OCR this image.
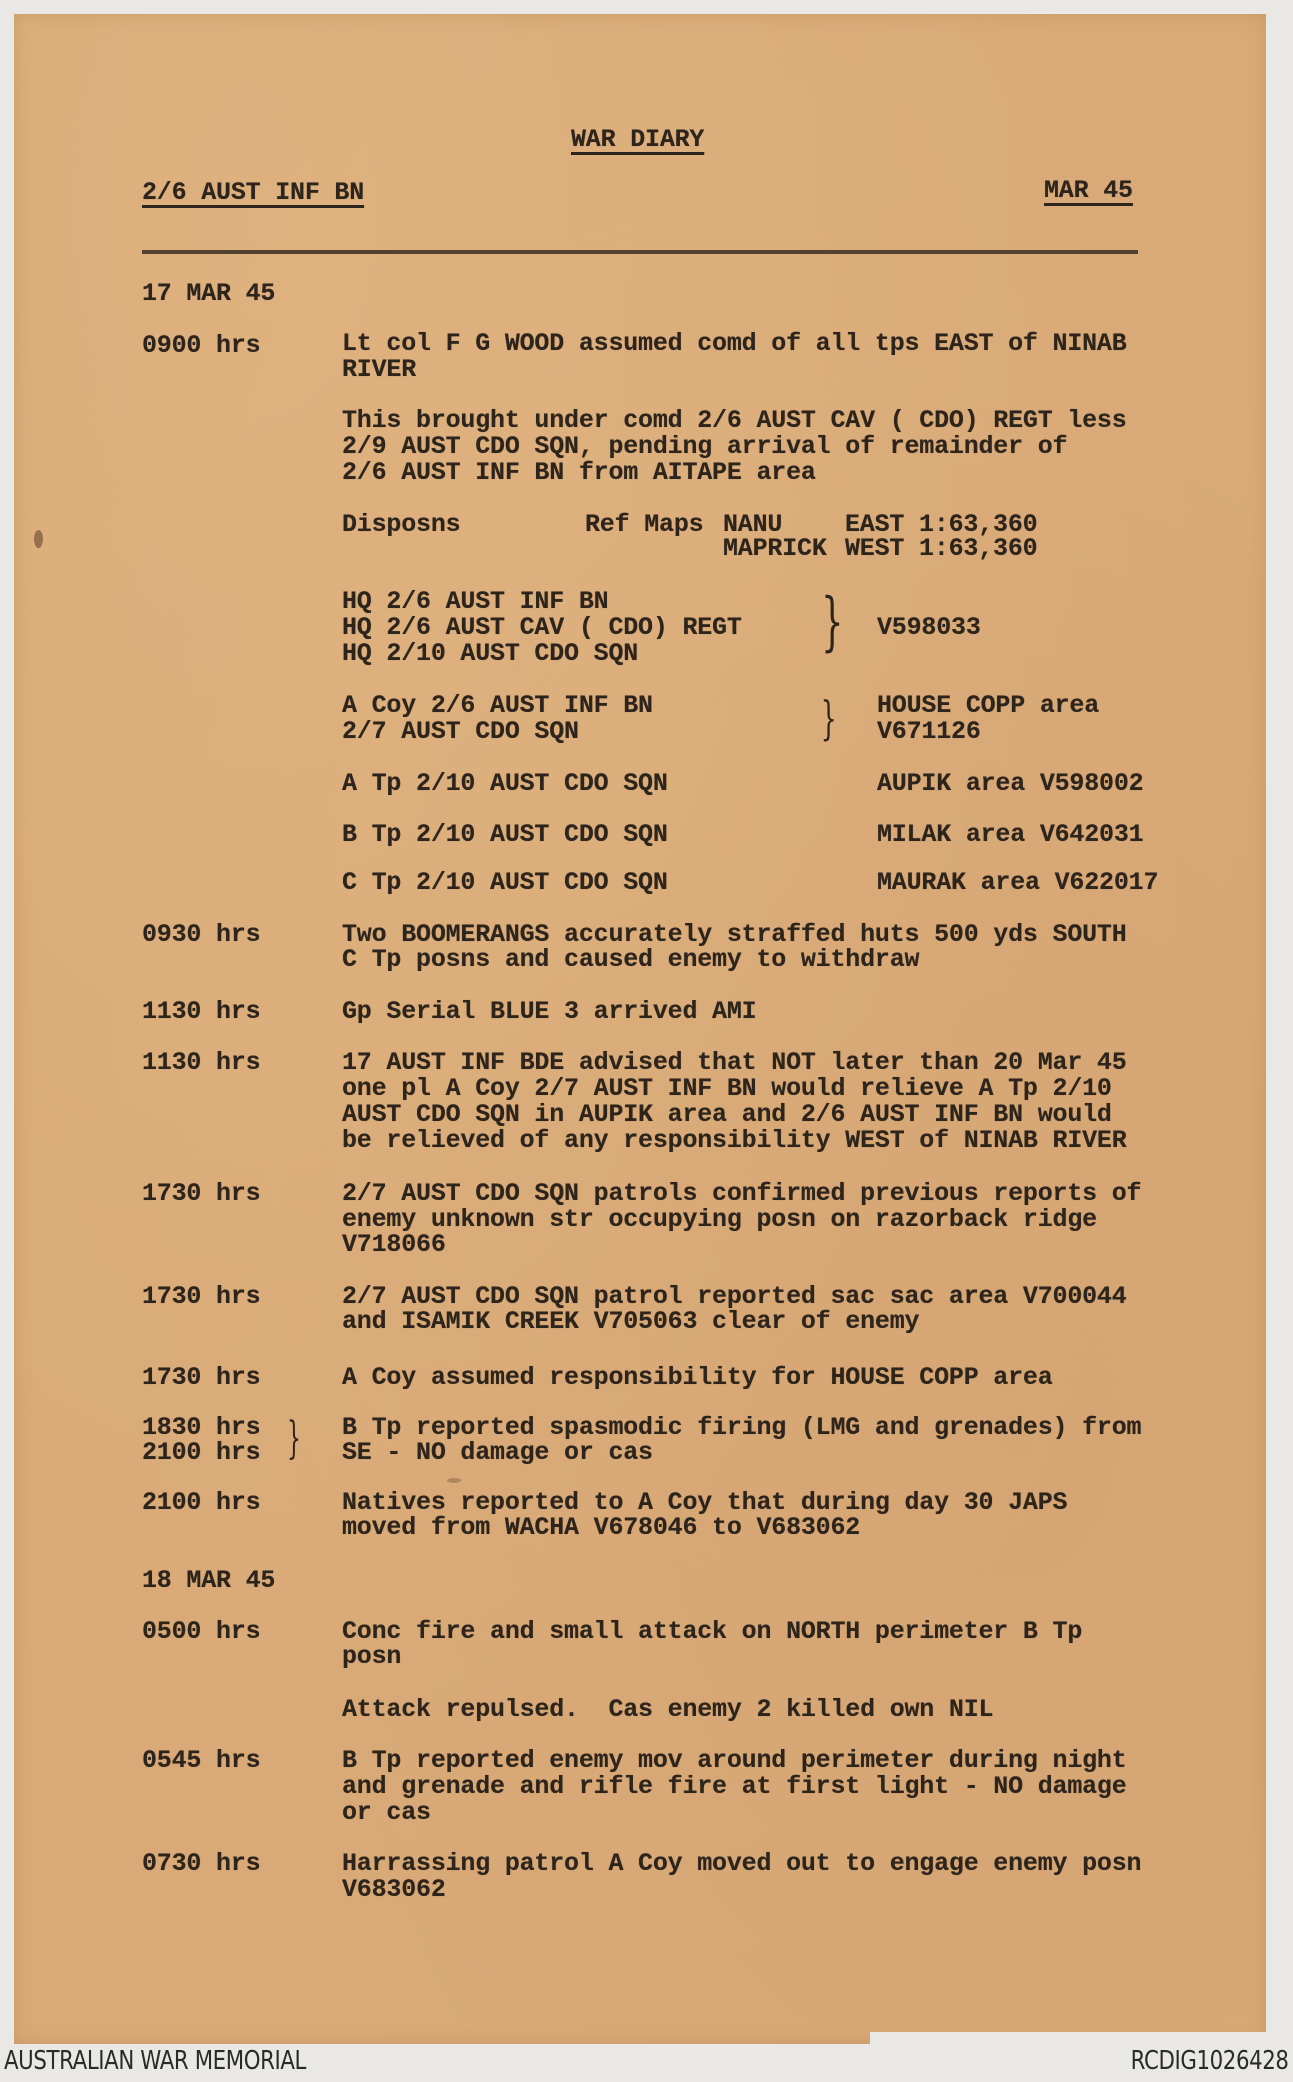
WAR DIARY
2/6 AUST INF BN	MAR 45
17 MAR 45
0900 hrs	Lt col F G WOOD assumed comd of all tps EAST of NINAB
RIVER
This brought under comd 2/6 AUST CAV ( CDO) REGT less
2/9 AUST CDO SQN, pending arrival of remainder of
2/6 AUST INF BN from AITAPE area
Disposns	Ref Maps NANU	EAST 1:63,360
MAPRICK WEST 1:63,360
HQ 2/6 AUST INF BN
HQ 2/6 AUST CAV ( CDO) REGT
HQ 2/10 AUST CDO SQN	} V598033
A Coy 2/6 AUST INF BN
2/7 AUST CDO SQN	} HOUSE COPP area
V671126
A Tp 2/10 AUST CDO SQN	AUPIK area V598002
B Tp 2/10 AUST CDO SQN	MILAK area V642031
C Tp 2/10 AUST CDO SQN	MAURAK area V622017
0930 hrs	Two BOOMERANGS accurately straffed huts 500 yds SOUTH
C Tp posns and caused enemy to withdraw
1130 hrs	Gp Serial BLUE 3 arrived AMI
1130 hrs	17 AUST INF BDE advised that NOT later than 20 Mar 45
one pl A Coy 2/7 AUST INF BN would relieve A Tp 2/10
AUST CDO SQN in AUPIK area and 2/6 AUST INF BN would
be relieved of any responsibility WEST of NINAB RIVER
1730 hrs	2/7 AUST CDO SQN patrols confirmed previous reports of
enemy unknown str occupying posn on razorback ridge
V718066
1730 hrs	2/7 AUST CDO SQN patrol reported sac sac area V700044
and ISAMIK CREEK V705063 clear of enemy
1730 hrs	A Coy assumed responsibility for HOUSE COPP area
1830 hrs
2100 hrs } B Tp reported spasmodic firing (LMG and grenades) from
SE - NO damage or cas
2100 hrs	Natives reported to A Coy that during day 30 JAPS
moved from WACHA V678046 to V683062
18 MAR 45
0500 hrs	Conc fire and small attack on NORTH perimeter B Tp
posn
Attack repulsed.  Cas enemy 2 killed own NIL
0545 hrs	B Tp reported enemy mov around perimeter during night
and grenade and rifle fire at first light - NO damage
or cas
0730 hrs	Harrassing patrol A Coy moved out to engage enemy posn
V683062
AUSTRALIAN WAR MEMORIAL	RCDIG1026428
